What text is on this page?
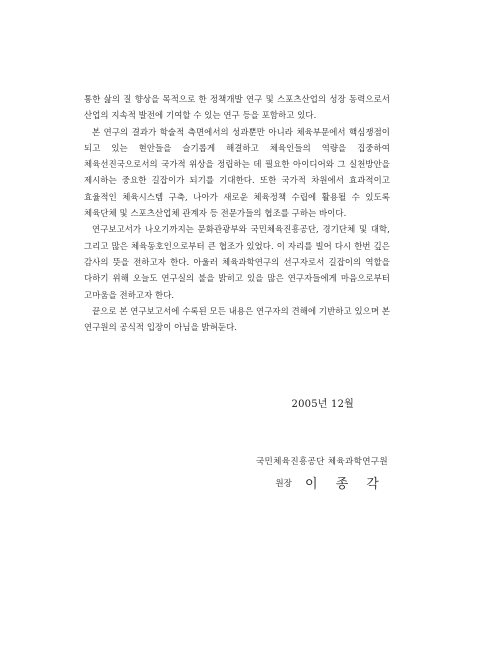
통한 삶의 질 향상을 목적으로 한 정책개발 연구 및 스포츠산업의 성장 동력으로서 산업의 지속적 발전에 기여할 수 있는 연구 등을 포함하고 있다.

본 연구의 결과가 학술적 측면에서의 성과뿐만 아니라 체육부문에서 핵심쟁점이 되고 있는 현안들을 슬기롭게 해결하고 체육인들의 역량을 집중하여 체육선진국으로서의 국가적 위상을 정립하는 데 필요한 아이디어와 그 실천방안을 제시하는 중요한 길잡이가 되기를 기대한다. 또한 국가적 차원에서 효과적이고 효율적인 체육시스템 구축, 나아가 새로운 체육정책 수립에 활용될 수 있도록 체육단체 및 스포츠산업체 관계자 등 전문가들의 협조를 구하는 바이다.

연구보고서가 나오기까지는 문화관광부와 국민체육진흥공단, 경기단체 및 대학, 그리고 많은 체육동호인으로부터 큰 협조가 있었다. 이 자리를 빌어 다시 한번 깊은 감사의 뜻을 전하고자 한다. 아울러 체육과학연구의 선구자로서 길잡이의 역할을 다하기 위해 오늘도 연구실의 불을 밝히고 있을 많은 연구자들에게 마음으로부터 고마움을 전하고자 한다.

끝으로 본 연구보고서에 수록된 모든 내용은 연구자의 견해에 기반하고 있으며 본 연구원의 공식적 입장이 아님을 밝혀둔다.

2005년 12월
국민체육진흥공단 체육과학연구원
원장 이 종 각
